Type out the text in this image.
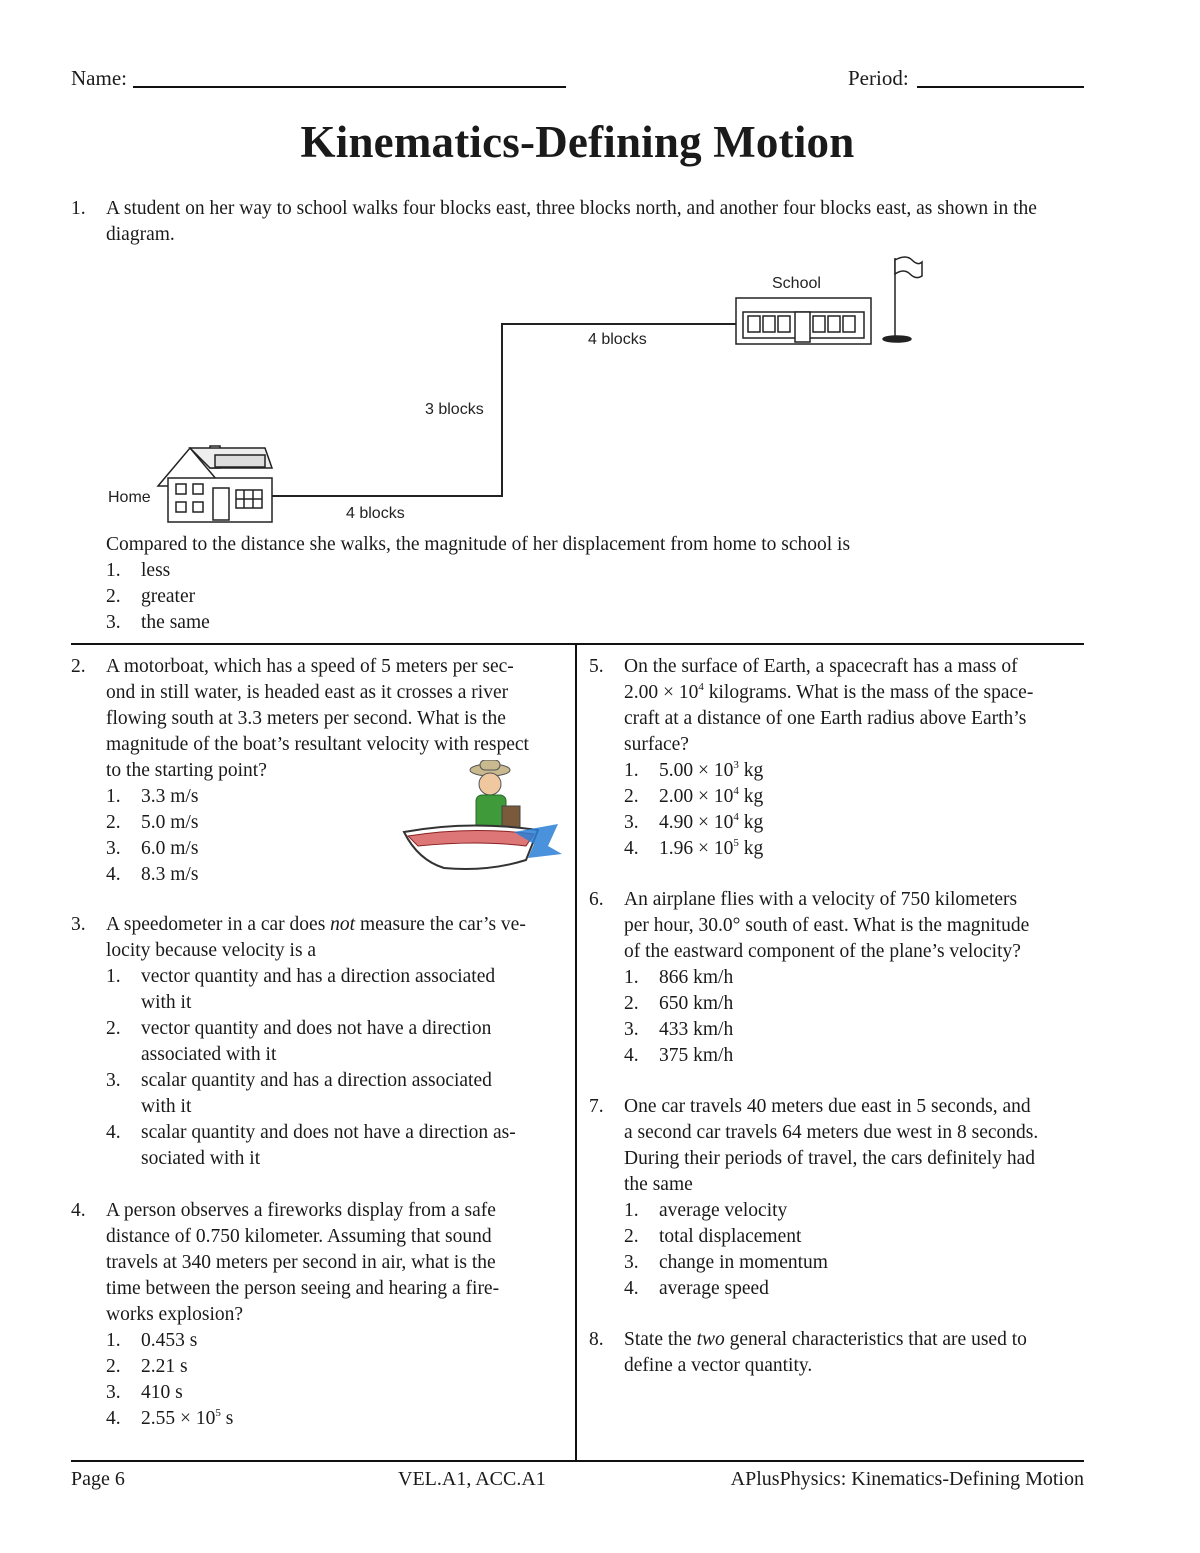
Name:	Period:
Kinematics-Defining Motion
1. A student on her way to school walks four blocks east, three blocks north, and another four blocks east, as shown in the diagram.
Home
4 blocks
3 blocks
4 blocks
School
Compared to the distance she walks, the magnitude of her displacement from home to school is
1.	less
2.	greater
3.	the same
2. A motorboat, which has a speed of 5 meters per sec-
ond in still water, is headed east as it crosses a river
flowing south at 3.3 meters per second. What is the
magnitude of the boat’s resultant velocity with respect
to the starting point?
1.	3.3 m/s
2.	5.0 m/s
3.	6.0 m/s
4.	8.3 m/s
3. A speedometer in a car does not measure the car’s ve-
locity because velocity is a
1.	vector quantity and has a direction associated with it
2.	vector quantity and does not have a direction associated with it
3.	scalar quantity and has a direction associated with it
4.	scalar quantity and does not have a direction as-sociated with it
4. A person observes a fireworks display from a safe
distance of 0.750 kilometer. Assuming that sound
travels at 340 meters per second in air, what is the
time between the person seeing and hearing a fire-
works explosion?
1.	0.453 s
2.	2.21 s
3.	410 s
4.	$2.55 \times 10^5$ s
5. On the surface of Earth, a spacecraft has a mass of
$2.00 \times 10^4$ kilograms. What is the mass of the space-
craft at a distance of one Earth radius above Earth’s
surface?
1.	$5.00 \times 10^3$ kg
2.	$2.00 \times 10^4$ kg
3.	$4.90 \times 10^4$ kg
4.	$1.96 \times 10^5$ kg
6. An airplane flies with a velocity of 750 kilometers
per hour, 30.0° south of east. What is the magnitude
of the eastward component of the plane’s velocity?
1.	866 km/h
2.	650 km/h
3.	433 km/h
4.	375 km/h
7. One car travels 40 meters due east in 5 seconds, and
a second car travels 64 meters due west in 8 seconds.
During their periods of travel, the cars definitely had
the same
1.	average velocity
2.	total displacement
3.	change in momentum
4.	average speed
8. State the two general characteristics that are used to
define a vector quantity.
Page 6	VEL.A1, ACC.A1	APlusPhysics: Kinematics-Defining Motion
